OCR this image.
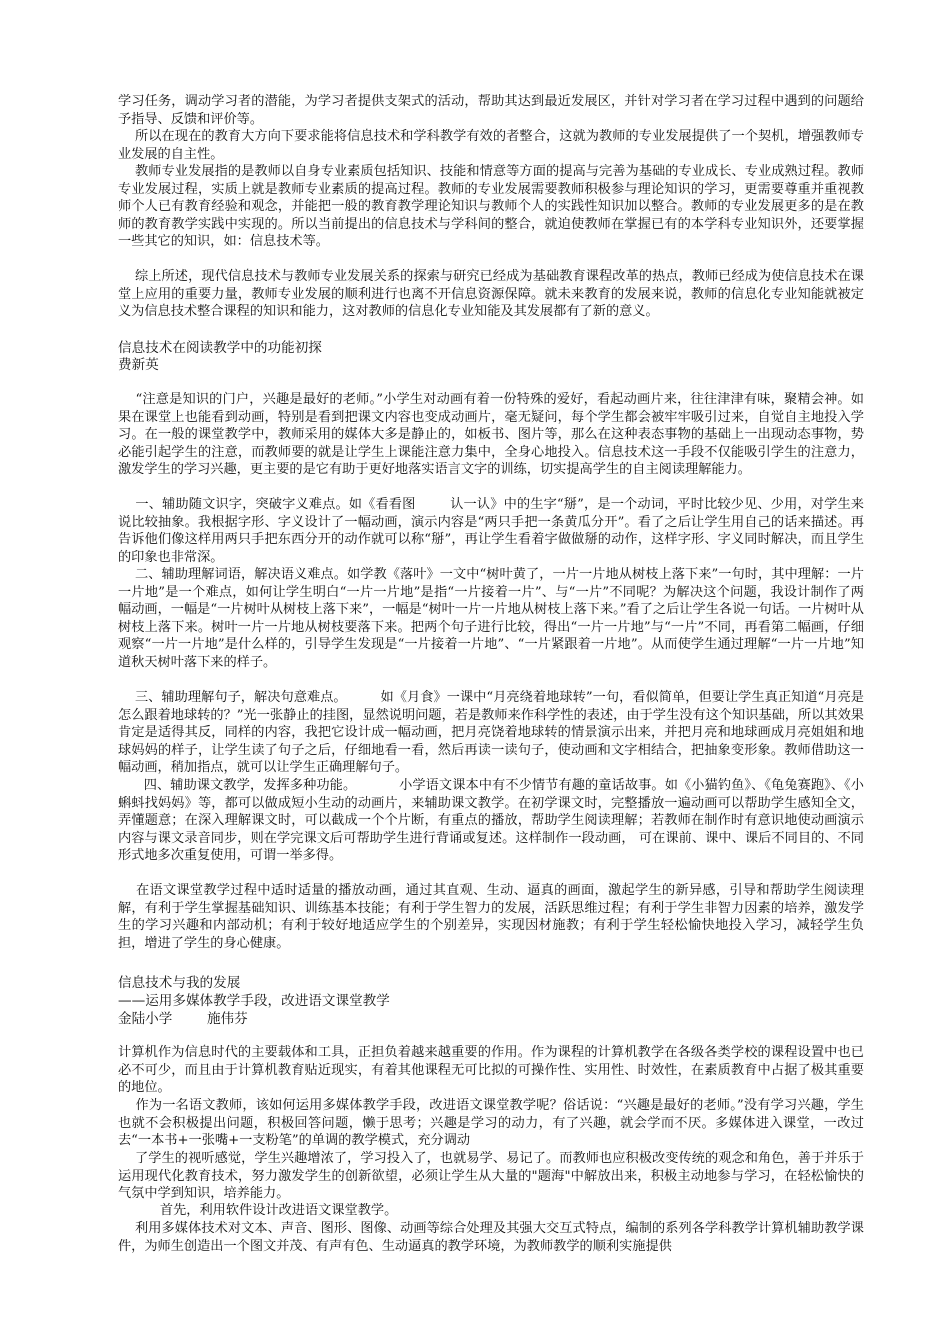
学习任务，调动学习者的潜能，为学习者提供支架式的活动，帮助其达到最近发展区，并针对学习者在学习过程中遇到的问题给予指导、反馈和评价等。
所以在现在的教育大方向下要求能将信息技术和学科教学有效的者整合，这就为教师的专业发展提供了一个契机，增强教师专业发展的自主性。
教师专业发展指的是教师以自身专业素质包括知识、技能和情意等方面的提高与完善为基础的专业成长、专业成熟过程。教师专业发展过程，实质上就是教师专业素质的提高过程。教师的专业发展需要教师积极参与理论知识的学习，更需要尊重并重视教师个人已有教育经验和观念，并能把一般的教育教学理论知识与教师个人的实践性知识加以整合。教师的专业发展更多的是在教师的教育教学实践中实现的。所以当前提出的信息技术与学科间的整合，就迫使教师在掌握已有的本学科专业知识外，还要掌握一些其它的知识，如：信息技术等。
综上所述，现代信息技术与教师专业发展关系的探索与研究已经成为基础教育课程改革的热点，教师已经成为使信息技术在课堂上应用的重要力量，教师专业发展的顺利进行也离不开信息资源保障。就未来教育的发展来说，教师的信息化专业知能就被定义为信息技术整合课程的知识和能力，这对教师的信息化专业知能及其发展都有了新的意义。
信息技术在阅读教学中的功能初探
费新英
“注意是知识的门户，兴趣是最好的老师。”小学生对动画有着一份特殊的爱好，看起动画片来，往往津津有味，聚精会神。如果在课堂上也能看到动画，特别是看到把课文内容也变成动画片，毫无疑问，每个学生都会被牢牢吸引过来，自觉自主地投入学习。在一般的课堂教学中，教师采用的媒体大多是静止的，如板书、图片等，那么在这种表态事物的基础上一出现动态事物，势必能引起学生的注意，而教师要的就是让学生上课能注意力集中，全身心地投入。信息技术这一手段不仅能吸引学生的注意力，激发学生的学习兴趣，更主要的是它有助于更好地落实语言文字的训练，切实提高学生的自主阅读理解能力。
一、辅助随文识字，突破字义难点。如《看看图        认一认》中的生字“掰”，是一个动词，平时比较少见、少用，对学生来说比较抽象。我根据字形、字义设计了一幅动画，演示内容是“两只手把一条黄瓜分开”。看了之后让学生用自己的话来描述。再告诉他们像这样用两只手把东西分开的动作就可以称“掰”，再让学生看着字做做掰的动作，这样字形、字义同时解决，而且学生的印象也非常深。
二、辅助理解词语，解决语义难点。如学教《落叶》一文中“树叶黄了，一片一片地从树枝上落下来”一句时，其中理解：一片一片地”是一个难点，如何让学生明白“一片一片地”是指“一片接着一片”、与“一片”不同呢？为解决这个问题，我设计制作了两幅动画，一幅是“一片树叶从树枝上落下来”，一幅是“树叶一片一片地从树枝上落下来。”看了之后让学生各说一句话。一片树叶从树枝上落下来。树叶一片一片地从树枝要落下来。把两个句子进行比较，得出“一片一片地”与“一片”不同，再看第二幅画，仔细观察“一片一片地”是什么样的，引导学生发现是“一片接着一片地”、“一片紧跟着一片地”。从而使学生通过理解“一片一片地”知道秋天树叶落下来的样子。
三、辅助理解句子，解决句意难点。        如《月食》一课中“月亮绕着地球转”一句，看似简单，但要让学生真正知道“月亮是怎么跟着地球转的？”光一张静止的挂图，显然说明问题，若是教师来作科学性的表述，由于学生没有这个知识基础，所以其效果肯定是适得其反，同样的内容，我把它设计成一幅动画，把月亮饶着地球转的情景演示出来，并把月亮和地球画成月亮姐姐和地球妈妈的样子，让学生读了句子之后，仔细地看一看，然后再读一读句子，使动画和文字相结合，把抽象变形象。教师借助这一幅动画，稍加指点，就可以让学生正确理解句子。
四、辅助课文教学，发挥多种功能。          小学语文课本中有不少情节有趣的童话故事。如《小猫钓鱼》、《龟兔赛跑》、《小蝌蚪找妈妈》等，都可以做成短小生动的动画片，来辅助课文教学。在初学课文时，完整播放一遍动画可以帮助学生感知全文，弄懂题意；在深入理解课文时，可以截成一个个片断，有重点的播放，帮助学生阅读理解；若教师在制作时有意识地使动画演示内容与课文录音同步，则在学完课文后可帮助学生进行背诵或复述。这样制作一段动画， 可在课前、课中、课后不同目的、不同形式地多次重复使用，可谓一举多得。
在语文课堂教学过程中适时适量的播放动画，通过其直观、生动、逼真的画面，激起学生的新异感，引导和帮助学生阅读理解，有利于学生掌握基础知识、训练基本技能；有利于学生智力的发展，活跃思维过程；有利于学生非智力因素的培养，激发学生的学习兴趣和内部动机；有利于较好地适应学生的个别差异，实现因材施教；有利于学生轻松愉快地投入学习，减轻学生负担，增进了学生的身心健康。
信息技术与我的发展
——运用多媒体教学手段，改进语文课堂教学
金陆小学        施伟芬
计算机作为信息时代的主要载体和工具，正担负着越来越重要的作用。作为课程的计算机教学在各级各类学校的课程设置中也已必不可少，而且由于计算机教育贴近现实，有着其他课程无可比拟的可操作性、实用性、时效性，在素质教育中占据了极其重要的地位。
作为一名语文教师，该如何运用多媒体教学手段，改进语文课堂教学呢？俗话说：“兴趣是最好的老师。”没有学习兴趣，学生也就不会积极提出问题，积极回答问题，懒于思考；兴趣是学习的动力，有了兴趣，就会学而不厌。多媒体进入课堂，一改过去“一本书+一张嘴+一支粉笔”的单调的教学模式，充分调动
了学生的视听感觉，学生兴趣增浓了，学习投入了，也就易学、易记了。而教师也应积极改变传统的观念和角色，善于并乐于运用现代化教育技术，努力激发学生的创新欲望，必须让学生从大量的"题海"中解放出来，积极主动地参与学习，在轻松愉快的气氛中学到知识，培养能力。
首先，利用软件设计改进语文课堂教学。
利用多媒体技术对文本、声音、图形、图像、动画等综合处理及其强大交互式特点，编制的系列各学科教学计算机辅助教学课件，为师生创造出一个图文并茂、有声有色、生动逼真的教学环境，为教师教学的顺利实施提供
